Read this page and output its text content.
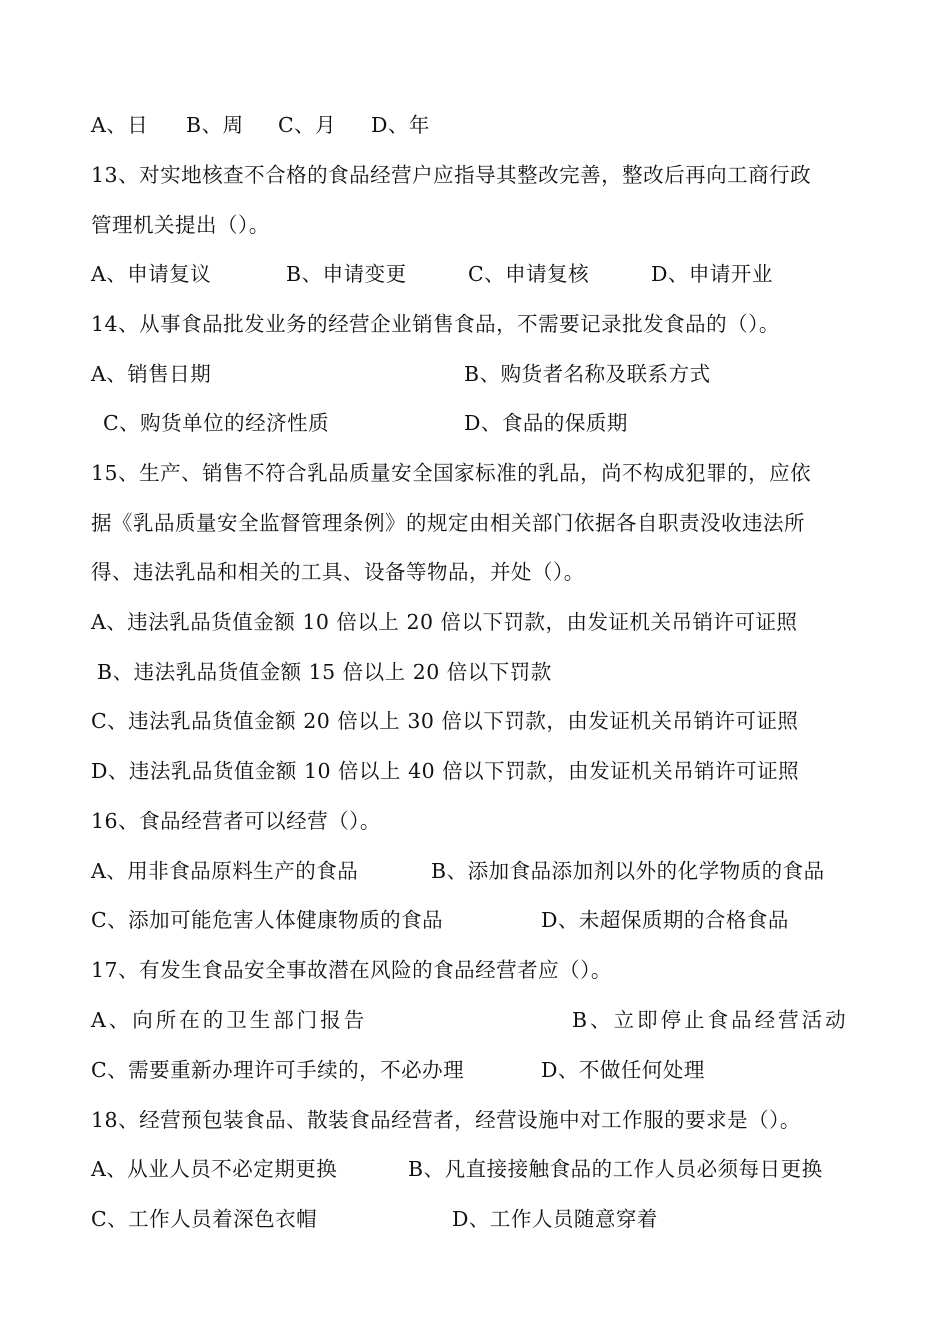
A、日 B、周 C、月 D、年
13、对实地核查不合格的食品经营户应指导其整改完善，整改后再向工商行政
管理机关提出（）。
A、申请复议	B、申请变更	C、申请复核	D、申请开业
14、从事食品批发业务的经营企业销售食品，不需要记录批发食品的（）。
A、销售日期	B、购货者名称及联系方式
C、购货单位的经济性质	D、食品的保质期
15、生产、销售不符合乳品质量安全国家标准的乳品，尚不构成犯罪的，应依
据《乳品质量安全监督管理条例》的规定由相关部门依据各自职责没收违法所
得、违法乳品和相关的工具、设备等物品，并处（）。
A、违法乳品货值金额 10 倍以上 20 倍以下罚款，由发证机关吊销许可证照
B、违法乳品货值金额 15 倍以上 20 倍以下罚款
C、违法乳品货值金额 20 倍以上 30 倍以下罚款，由发证机关吊销许可证照
D、违法乳品货值金额 10 倍以上 40 倍以下罚款，由发证机关吊销许可证照
16、食品经营者可以经营（）。
A、用非食品原料生产的食品	B、添加食品添加剂以外的化学物质的食品
C、添加可能危害人体健康物质的食品	D、未超保质期的合格食品
17、有发生食品安全事故潜在风险的食品经营者应（）。
A、向所在的卫生部门报告	B、立即停止食品经营活动
C、需要重新办理许可手续的，不必办理	D、不做任何处理
18、经营预包装食品、散装食品经营者，经营设施中对工作服的要求是（）。
A、从业人员不必定期更换	B、凡直接接触食品的工作人员必须每日更换
C、工作人员着深色衣帽	D、工作人员随意穿着
